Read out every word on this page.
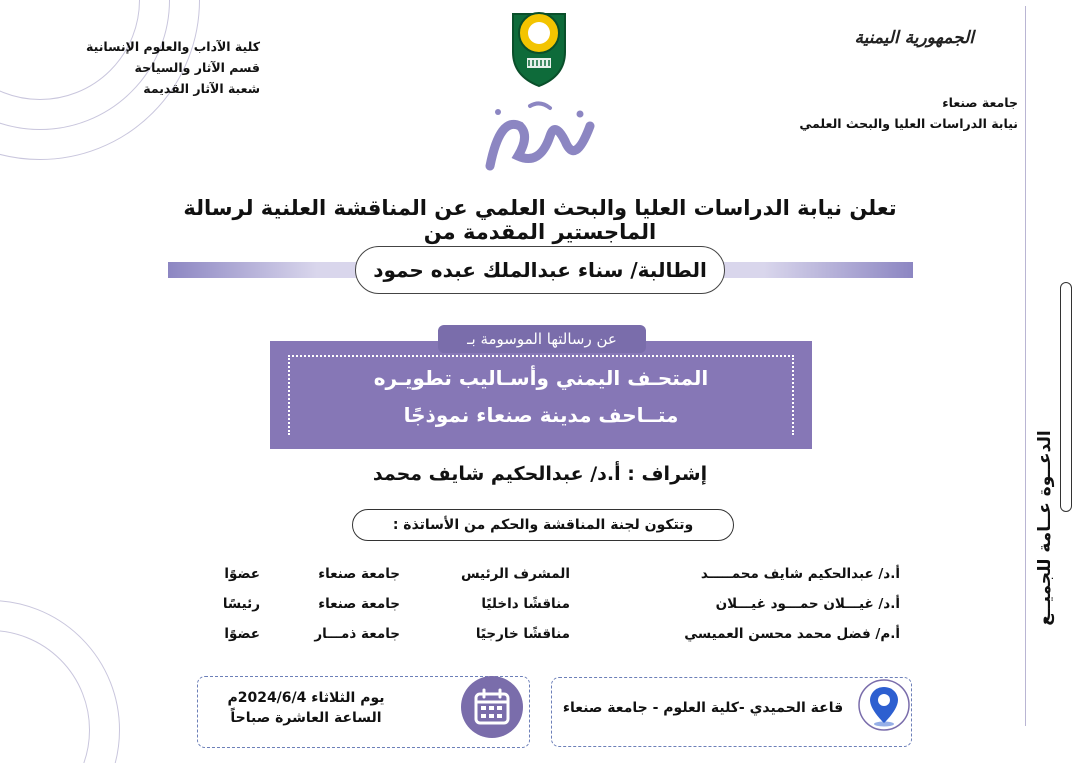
كلية الآداب والعلوم الإنسانية
قسم الآثار والسياحة
شعبة الآثار القديمة
الجمهورية اليمنية
جامعة صنعاء
نيابة الدراسات العليا والبحث العلمي
تعلن نيابة الدراسات العليا والبحث العلمي عن المناقشة العلنية لرسالة الماجستير المقدمة من
الطالبة/ سناء عبدالملك عبده حمود
عن رسالتها الموسومة بـ
المتحـف اليمني وأسـاليب تطويـره
متــاحف مدينة صنعاء نموذجًا
إشراف : أ.د/ عبدالحكيم شايف محمد
وتتكون لجنة المناقشة والحكم من الأساتذة :
أ.د/ عبدالحكيم شايف محمـــــد
المشرف الرئيس
جامعة صنعاء
عضوًا
أ.د/ غيـــلان حمـــود غيـــلان
مناقشًا داخليًا
جامعة صنعاء
رئيسًا
أ.م/ فضل محمد محسن العميسي
مناقشًا خارجيًا
جامعة ذمـــار
عضوًا
يوم الثلاثاء 2024/6/4م
الساعة العاشرة صباحاً
قاعة الحميدي -كلية العلوم - جامعة صنعاء
الدعــوة عــامة للجميــع
